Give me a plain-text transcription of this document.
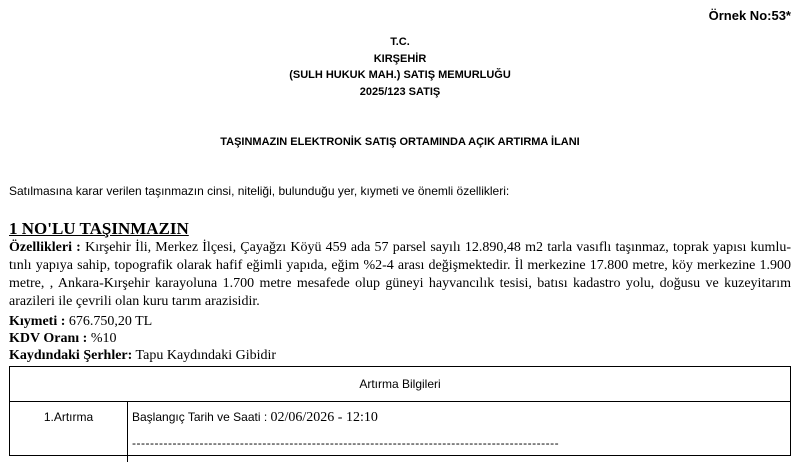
Örnek No:53*
T.C.
KIRŞEHİR
(SULH HUKUK MAH.) SATIŞ MEMURLUĞU
2025/123 SATIŞ
TAŞINMAZIN ELEKTRONİK SATIŞ ORTAMINDA AÇIK ARTIRMA İLANI
Satılmasına karar verilen taşınmazın cinsi, niteliği, bulunduğu yer, kıymeti ve önemli özellikleri:
1 NO'LU TAŞINMAZIN
Özellikleri : Kırşehir İli, Merkez İlçesi, Çayağzı Köyü 459 ada 57 parsel sayılı 12.890,48 m2 tarla vasıflı taşınmaz, toprak yapısı kumlu-tınlı yapıya sahip, topografik olarak hafif eğimli yapıda, eğim %2-4 arası değişmektedir. İl merkezine 17.800 metre, köy merkezine 1.900 metre, , Ankara-Kırşehir karayoluna 1.700 metre mesafede olup güneyi hayvancılık tesisi, batısı kadastro yolu, doğusu ve kuzeyitarım arazileri ile çevrili olan kuru tarım arazisidir.
Kıymeti : 676.750,20 TL
KDV Oranı : %10
Kaydındaki Şerhler: Tapu Kaydındaki Gibidir
Artırma Bilgileri
1.Artırma	Başlangıç Tarih ve Saati : 02/06/2026 - 12:10
-----------------------------------------------------------------------------------------------
